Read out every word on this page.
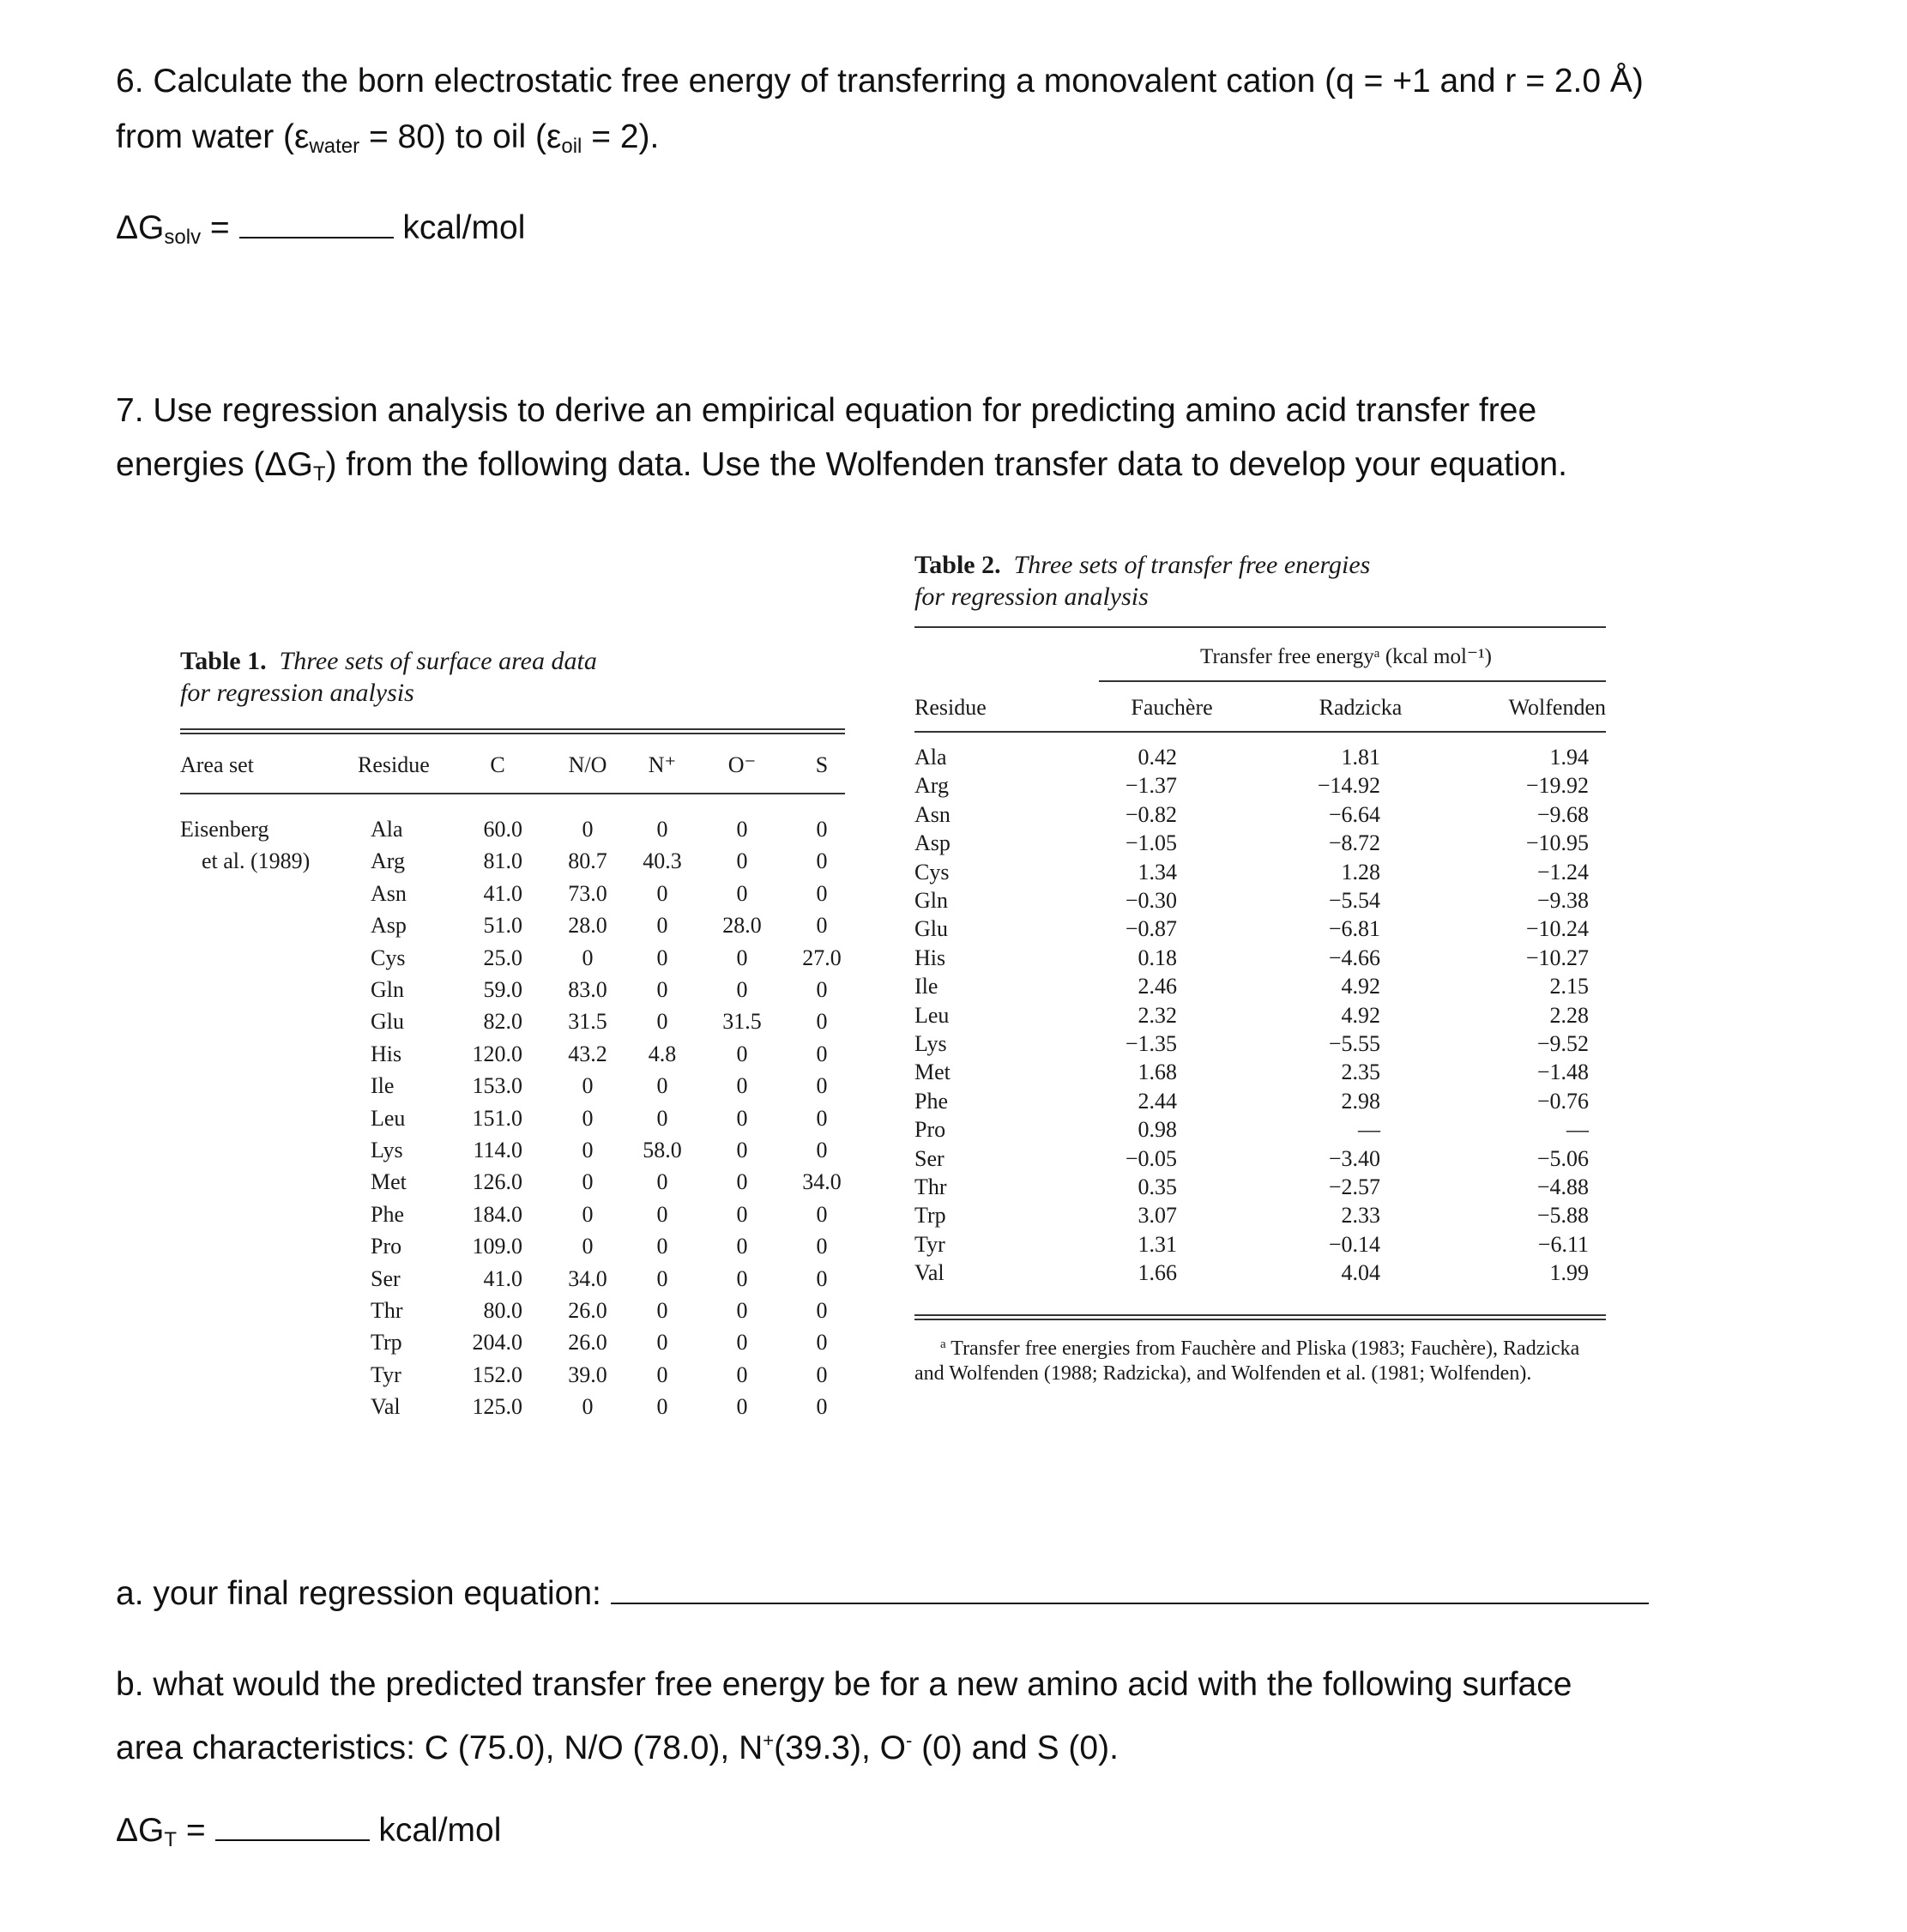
6. Calculate the born electrostatic free energy of transferring a monovalent cation (q = +1 and r = 2.0 Å)
from water $(\varepsilon_{water} = 80)$ to oil $(\varepsilon_{oil} = 2)$.
$\Delta G_{solv}$ =	kcal/mol
7. Use regression analysis to derive an empirical equation for predicting amino acid transfer free
energies $(\Delta G_T)$ from the following data. Use the Wolfenden transfer data to develop your equation.
Table 1. Three sets of surface area data
for regression analysis
Area set	Residue	C	N/O	N⁺	O⁻	S
Eisenberg
et al. (1989)
Ala	60.0	0	0	0	0
Arg	81.0	80.7	40.3	0	0
Asn	41.0	73.0	0	0	0
Asp	51.0	28.0	0	28.0	0
Cys	25.0	0	0	0	27.0
Gln	59.0	83.0	0	0	0
Glu	82.0	31.5	0	31.5	0
His	120.0	43.2	4.8	0	0
Ile	153.0	0	0	0	0
Leu	151.0	0	0	0	0
Lys	114.0	0	58.0	0	0
Met	126.0	0	0	0	34.0
Phe	184.0	0	0	0	0
Pro	109.0	0	0	0	0
Ser	41.0	34.0	0	0	0
Thr	80.0	26.0	0	0	0
Trp	204.0	26.0	0	0	0
Tyr	152.0	39.0	0	0	0
Val	125.0	0	0	0	0
Table 2. Three sets of transfer free energies
for regression analysis
Transfer free energyᵃ (kcal mol⁻¹)
Residue	Fauchère	Radzicka	Wolfenden
Ala	0.42	1.81	1.94
Arg	−1.37	−14.92	−19.92
Asn	−0.82	−6.64	−9.68
Asp	−1.05	−8.72	−10.95
Cys	1.34	1.28	−1.24
Gln	−0.30	−5.54	−9.38
Glu	−0.87	−6.81	−10.24
His	0.18	−4.66	−10.27
Ile	2.46	4.92	2.15
Leu	2.32	4.92	2.28
Lys	−1.35	−5.55	−9.52
Met	1.68	2.35	−1.48
Phe	2.44	2.98	−0.76
Pro	0.98	—	—
Ser	−0.05	−3.40	−5.06
Thr	0.35	−2.57	−4.88
Trp	3.07	2.33	−5.88
Tyr	1.31	−0.14	−6.11
Val	1.66	4.04	1.99
$^a$ Transfer free energies from Fauchère and Pliska (1983; Fauchère), Radzicka and Wolfenden (1988; Radzicka), and Wolfenden et al. (1981; Wolfenden).
a. your final regression equation:
b. what would the predicted transfer free energy be for a new amino acid with the following surface
area characteristics: C (75.0), N/O (78.0), N+(39.3), O- (0) and S (0).
$\Delta G_T$ =	kcal/mol
